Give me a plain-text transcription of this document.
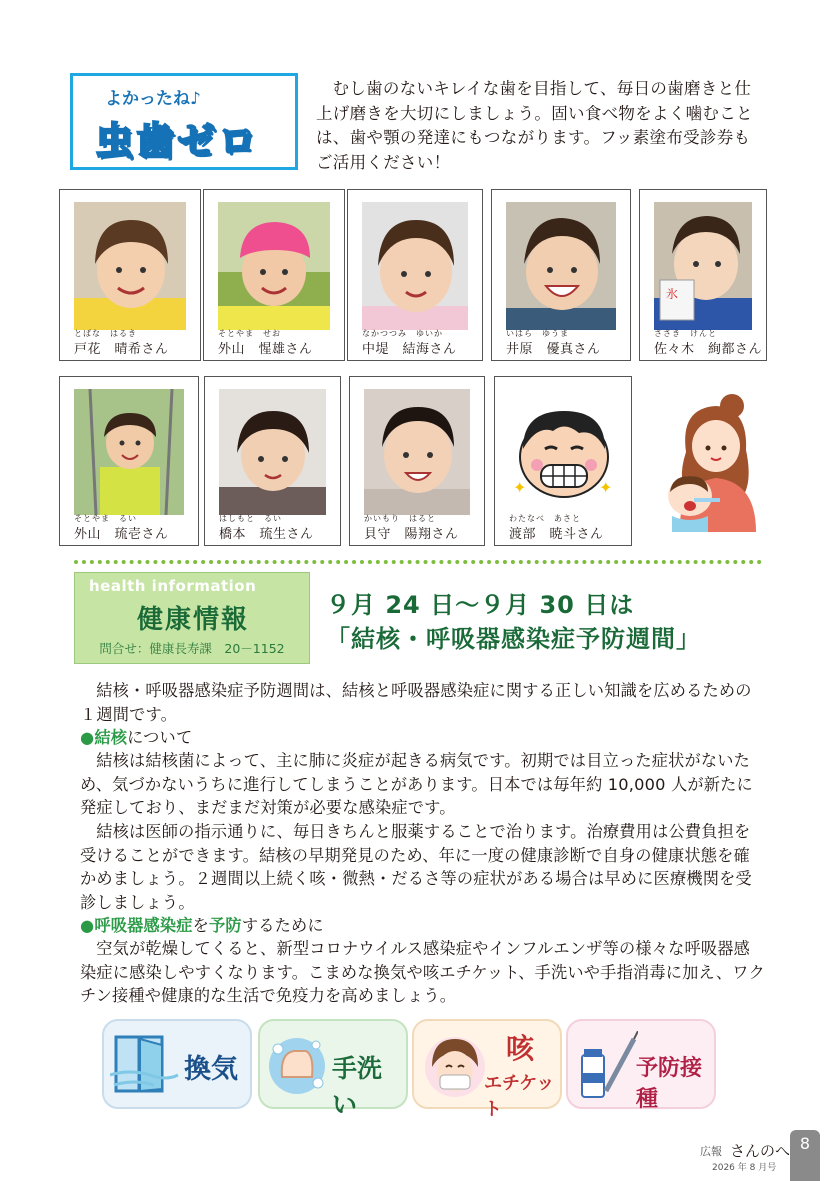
よかったね♪
虫歯ゼロ

むし歯のないキレイな歯を目指して、毎日の歯磨きと仕上げ磨きを大切にしましょう。固い食べ物をよく噛むことは、歯や顎の発達にもつながります。フッ素塗布受診券もご活用ください！

とばな　はるき
戸花　晴希さん
そとやま　せお
外山　惺雄さん
なかつつみ　ゆいか
中堤　結海さん
いはら　ゆうま
井原　優真さん
氷
ささき　けんと
佐々木　絢都さん
そとやま　るい
外山　琉壱さん
はしもと　るい
橋本　琉生さん
かいもり　はると
貝守　陽翔さん
✦	✦
わたなべ　あさと
渡部　暁斗さん
health information
健康情報
問合せ：健康長寿課　20－1152
９月 24 日～９月 30 日は
「結核・呼吸器感染症予防週間」

結核・呼吸器感染症予防週間は、結核と呼吸器感染症に関する正しい知識を広めるための１週間です。

●結核について

結核は結核菌によって、主に肺に炎症が起きる病気です。初期では目立った症状がないため、気づかないうちに進行してしまうことがあります。日本では毎年約 10,000 人が新たに発症しており、まだまだ対策が必要な感染症です。

結核は医師の指示通りに、毎日きちんと服薬することで治ります。治療費用は公費負担を受けることができます。結核の早期発見のため、年に一度の健康診断で自身の健康状態を確かめましょう。２週間以上続く咳・微熱・だるさ等の症状がある場合は早めに医療機関を受診しましょう。

●呼吸器感染症を予防するために

空気が乾燥してくると、新型コロナウイルス感染症やインフルエンザ等の様々な呼吸器感染症に感染しやすくなります。こまめな換気や咳エチケット、手洗いや手指消毒に加え、ワクチン接種や健康的な生活で免疫力を高めましょう。

換気	手洗い
咳
エチケット
予防接種
広報 さんのへ
2026 年 8 月号
8
